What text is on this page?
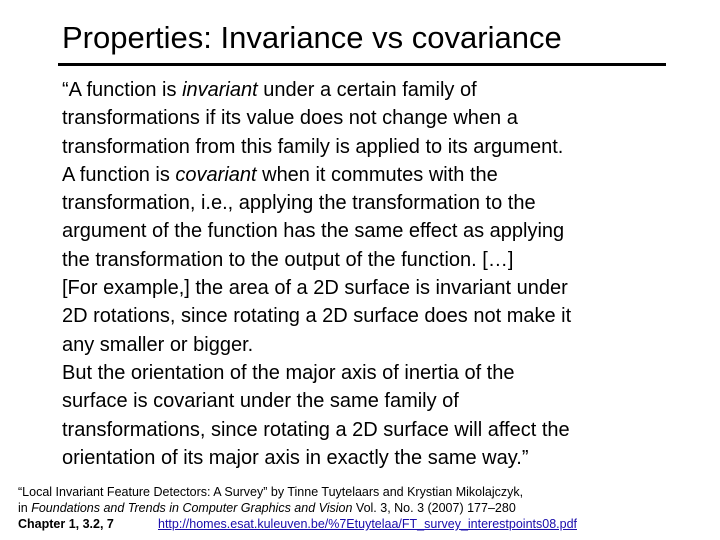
Properties: Invariance vs covariance
“A function is invariant under a certain family of
transformations if its value does not change when a
transformation from this family is applied to its argument.
A function is covariant when it commutes with the
transformation, i.e., applying the transformation to the
argument of the function has the same effect as applying
the transformation to the output of the function. […]
[For example,] the area of a 2D surface is invariant under
2D rotations, since rotating a 2D surface does not make it
any smaller or bigger.
But the orientation of the major axis of inertia of the
surface is covariant under the same family of
transformations, since rotating a 2D surface will affect the
orientation of its major axis in exactly the same way.”
“Local Invariant Feature Detectors: A Survey” by Tinne Tuytelaars and Krystian Mikolajczyk,
in Foundations and Trends in Computer Graphics and Vision Vol. 3, No. 3 (2007) 177–280
Chapter 1, 3.2, 7	http://homes.esat.kuleuven.be/%7Etuytelaa/FT_survey_interestpoints08.pdf
